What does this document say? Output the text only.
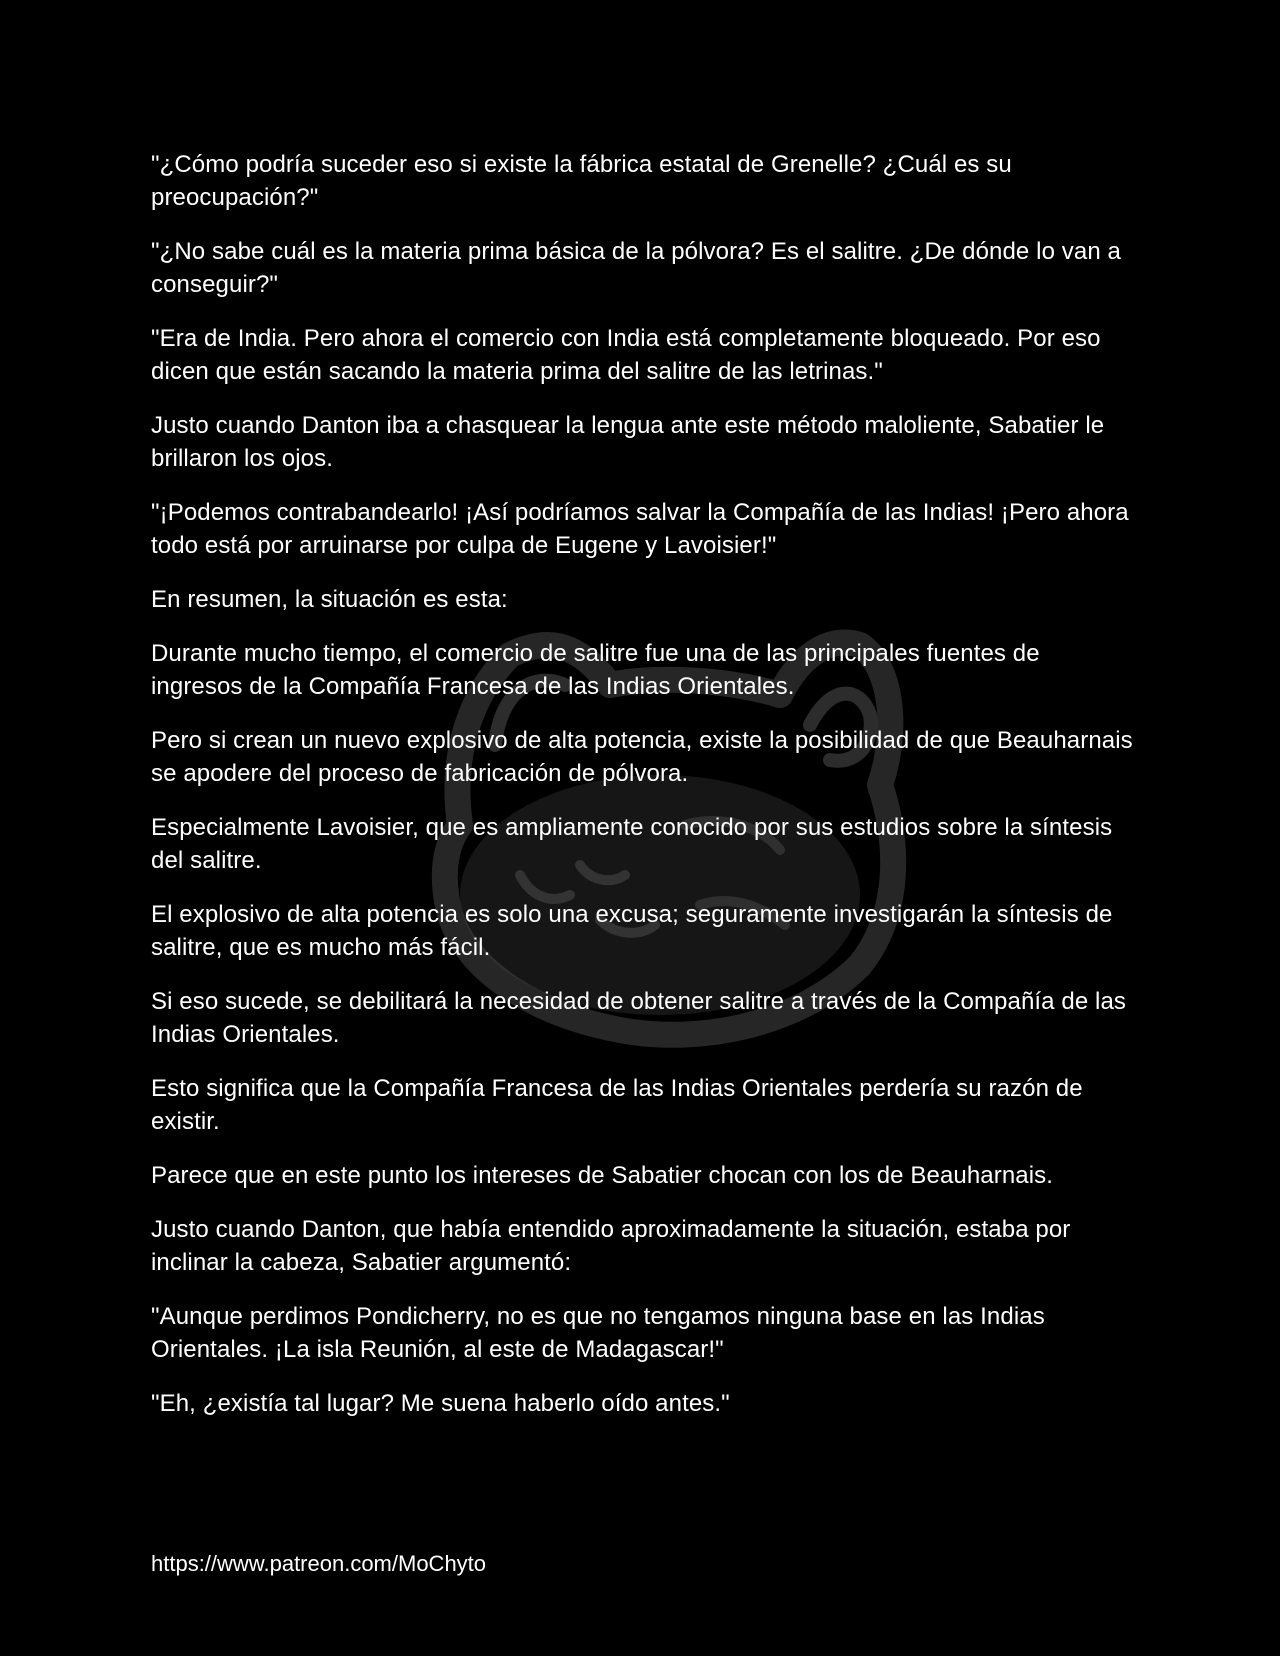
"¿Cómo podría suceder eso si existe la fábrica estatal de Grenelle? ¿Cuál es su preocupación?"

"¿No sabe cuál es la materia prima básica de la pólvora? Es el salitre. ¿De dónde lo van a conseguir?"

"Era de India. Pero ahora el comercio con India está completamente bloqueado. Por eso dicen que están sacando la materia prima del salitre de las letrinas."

Justo cuando Danton iba a chasquear la lengua ante este método maloliente, Sabatier le brillaron los ojos.

"¡Podemos contrabandearlo! ¡Así podríamos salvar la Compañía de las Indias! ¡Pero ahora todo está por arruinarse por culpa de Eugene y Lavoisier!"

En resumen, la situación es esta:

Durante mucho tiempo, el comercio de salitre fue una de las principales fuentes de ingresos de la Compañía Francesa de las Indias Orientales.

Pero si crean un nuevo explosivo de alta potencia, existe la posibilidad de que Beauharnais se apodere del proceso de fabricación de pólvora.

Especialmente Lavoisier, que es ampliamente conocido por sus estudios sobre la síntesis del salitre.

El explosivo de alta potencia es solo una excusa; seguramente investigarán la síntesis de salitre, que es mucho más fácil.

Si eso sucede, se debilitará la necesidad de obtener salitre a través de la Compañía de las Indias Orientales.

Esto significa que la Compañía Francesa de las Indias Orientales perdería su razón de existir.

Parece que en este punto los intereses de Sabatier chocan con los de Beauharnais.

Justo cuando Danton, que había entendido aproximadamente la situación, estaba por inclinar la cabeza, Sabatier argumentó:

"Aunque perdimos Pondicherry, no es que no tengamos ninguna base en las Indias Orientales. ¡La isla Reunión, al este de Madagascar!"

"Eh, ¿existía tal lugar? Me suena haberlo oído antes."

https://www.patreon.com/MoChyto
